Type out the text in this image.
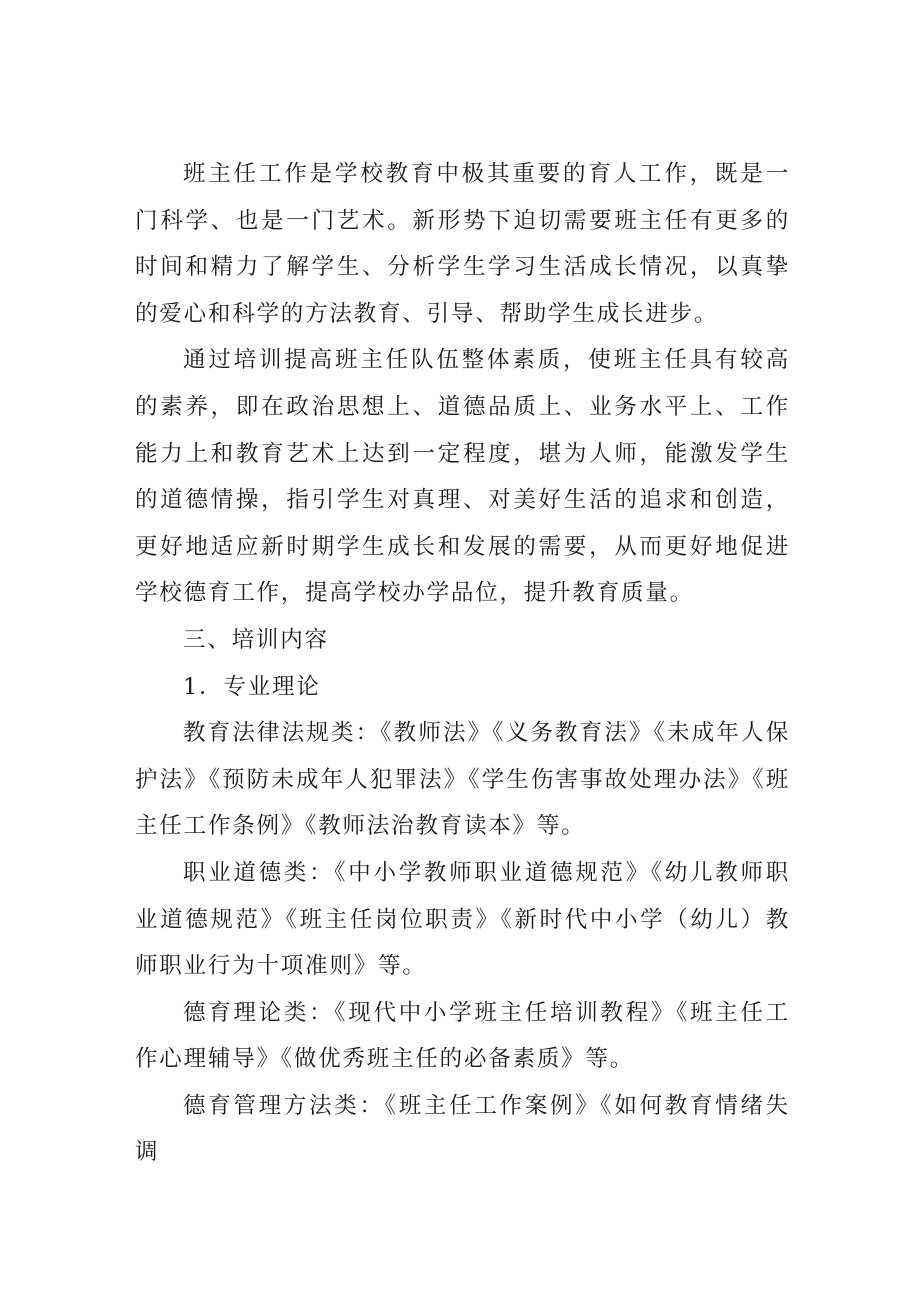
班主任工作是学校教育中极其重要的育人工作，既是一门科学、也是一门艺术。新形势下迫切需要班主任有更多的时间和精力了解学生、分析学生学习生活成长情况，以真挚的爱心和科学的方法教育、引导、帮助学生成长进步。

通过培训提高班主任队伍整体素质，使班主任具有较高的素养，即在政治思想上、道德品质上、业务水平上、工作能力上和教育艺术上达到一定程度，堪为人师，能激发学生的道德情操，指引学生对真理、对美好生活的追求和创造，更好地适应新时期学生成长和发展的需要，从而更好地促进学校德育工作，提高学校办学品位，提升教育质量。

三、培训内容

1．专业理论

教育法律法规类：《教师法》《义务教育法》《未成年人保护法》《预防未成年人犯罪法》《学生伤害事故处理办法》《班主任工作条例》《教师法治教育读本》等。

职业道德类：《中小学教师职业道德规范》《幼儿教师职业道德规范》《班主任岗位职责》《新时代中小学（幼儿）教师职业行为十项准则》等。

德育理论类：《现代中小学班主任培训教程》《班主任工作心理辅导》《做优秀班主任的必备素质》等。

德育管理方法类：《班主任工作案例》《如何教育情绪失调
